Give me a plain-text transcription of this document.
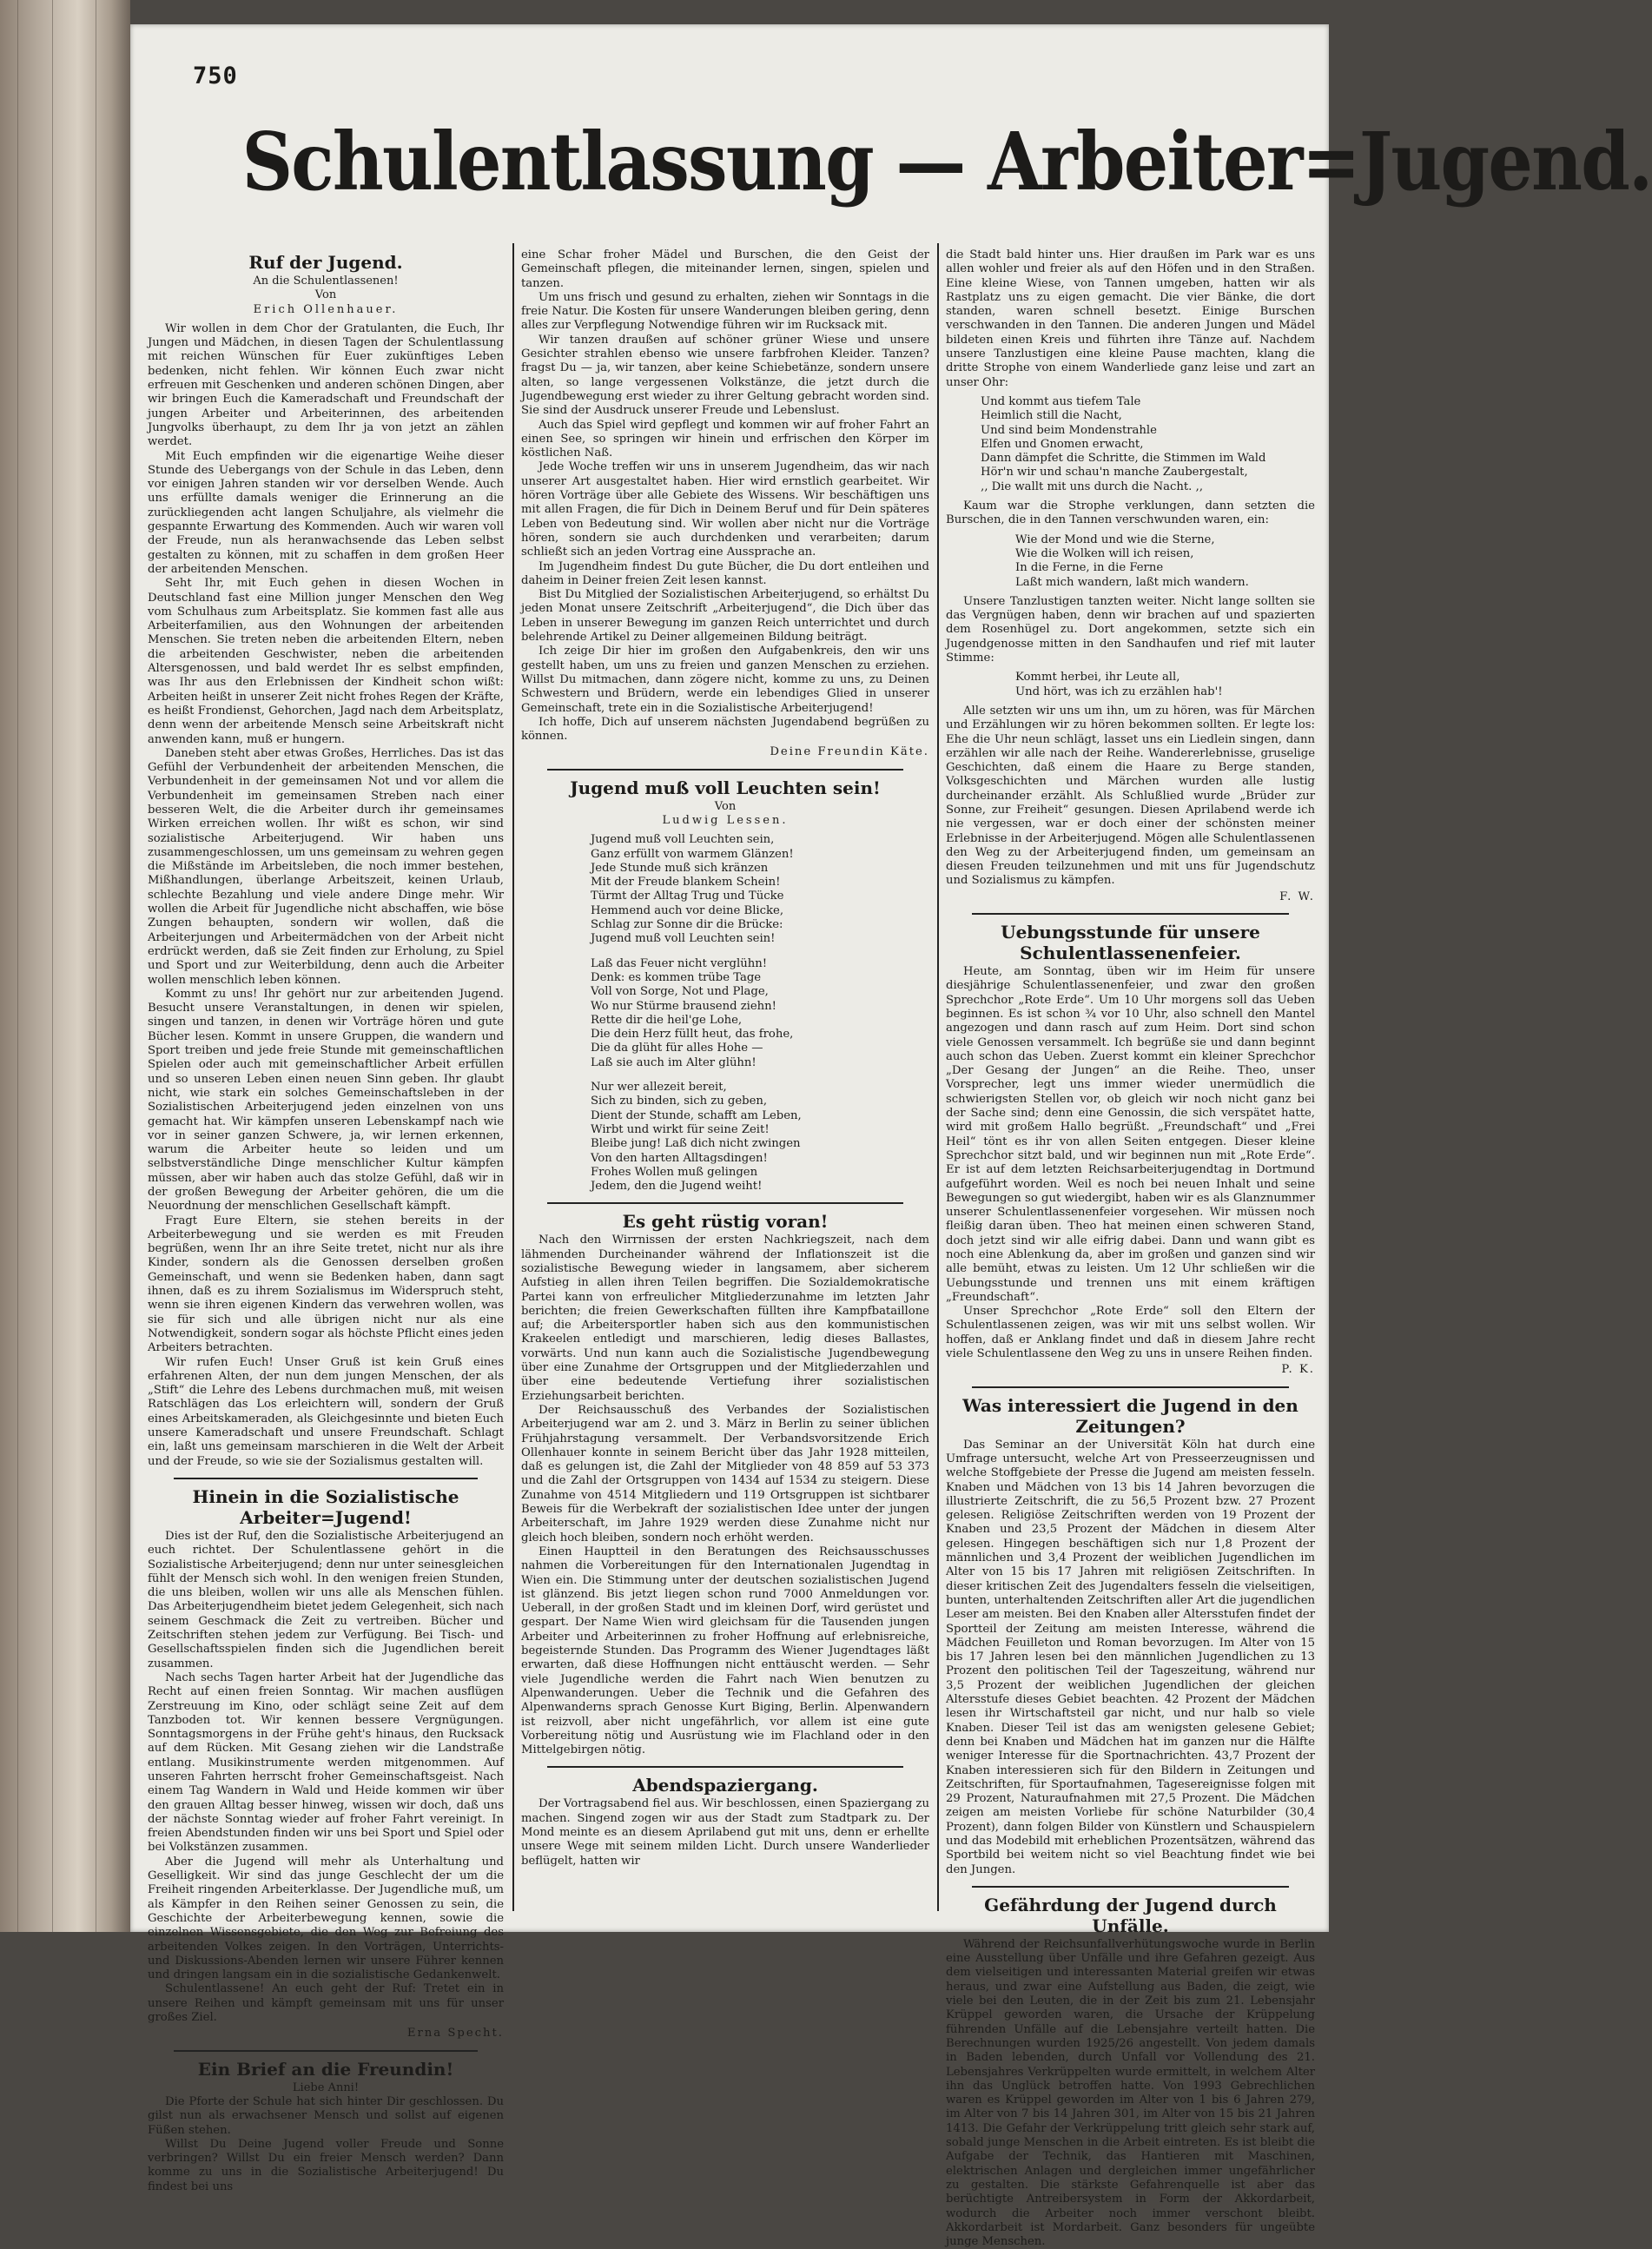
750
Schulentlassung — Arbeiter=Jugend.
Ruf der Jugend.
An die Schulentlassenen!
Von
Erich Ollenhauer.

Wir wollen in dem Chor der Gratulanten, die Euch, Ihr Jungen und Mädchen, in diesen Tagen der Schulentlassung mit reichen Wünschen für Euer zukünftiges Leben bedenken, nicht fehlen. Wir können Euch zwar nicht erfreuen mit Geschenken und anderen schönen Dingen, aber wir bringen Euch die Kameradschaft und Freundschaft der jungen Arbeiter und Arbeiterinnen, des arbeitenden Jungvolks überhaupt, zu dem Ihr ja von jetzt an zählen werdet.

Mit Euch empfinden wir die eigenartige Weihe dieser Stunde des Uebergangs von der Schule in das Leben, denn vor einigen Jahren standen wir vor derselben Wende. Auch uns erfüllte damals weniger die Erinnerung an die zurückliegenden acht langen Schuljahre, als vielmehr die gespannte Erwartung des Kommenden. Auch wir waren voll der Freude, nun als heranwachsende das Leben selbst gestalten zu können, mit zu schaffen in dem großen Heer der arbeitenden Menschen.

Seht Ihr, mit Euch gehen in diesen Wochen in Deutschland fast eine Million junger Menschen den Weg vom Schulhaus zum Arbeitsplatz. Sie kommen fast alle aus Arbeiterfamilien, aus den Wohnungen der arbeitenden Menschen. Sie treten neben die arbeitenden Eltern, neben die arbeitenden Geschwister, neben die arbeitenden Altersgenossen, und bald werdet Ihr es selbst empfinden, was Ihr aus den Erlebnissen der Kindheit schon wißt: Arbeiten heißt in unserer Zeit nicht frohes Regen der Kräfte, es heißt Frondienst, Gehorchen, Jagd nach dem Arbeitsplatz, denn wenn der arbeitende Mensch seine Arbeitskraft nicht anwenden kann, muß er hungern.

Daneben steht aber etwas Großes, Herrliches. Das ist das Gefühl der Verbundenheit der arbeitenden Menschen, die Verbundenheit in der gemeinsamen Not und vor allem die Verbundenheit im gemeinsamen Streben nach einer besseren Welt, die die Arbeiter durch ihr gemeinsames Wirken erreichen wollen. Ihr wißt es schon, wir sind sozialistische Arbeiterjugend. Wir haben uns zusammengeschlossen, um uns gemeinsam zu wehren gegen die Mißstände im Arbeitsleben, die noch immer bestehen, Mißhandlungen, überlange Arbeitszeit, keinen Urlaub, schlechte Bezahlung und viele andere Dinge mehr. Wir wollen die Arbeit für Jugendliche nicht abschaffen, wie böse Zungen behaupten, sondern wir wollen, daß die Arbeiterjungen und Arbeitermädchen von der Arbeit nicht erdrückt werden, daß sie Zeit finden zur Erholung, zu Spiel und Sport und zur Weiterbildung, denn auch die Arbeiter wollen menschlich leben können.

Kommt zu uns! Ihr gehört nur zur arbeitenden Jugend. Besucht unsere Veranstaltungen, in denen wir spielen, singen und tanzen, in denen wir Vorträge hören und gute Bücher lesen. Kommt in unsere Gruppen, die wandern und Sport treiben und jede freie Stunde mit gemeinschaftlichen Spielen oder auch mit gemeinschaftlicher Arbeit erfüllen und so unseren Leben einen neuen Sinn geben. Ihr glaubt nicht, wie stark ein solches Gemeinschaftsleben in der Sozialistischen Arbeiterjugend jeden einzelnen von uns gemacht hat. Wir kämpfen unseren Lebenskampf nach wie vor in seiner ganzen Schwere, ja, wir lernen erkennen, warum die Arbeiter heute so leiden und um selbstverständliche Dinge menschlicher Kultur kämpfen müssen, aber wir haben auch das stolze Gefühl, daß wir in der großen Bewegung der Arbeiter gehören, die um die Neuordnung der menschlichen Gesellschaft kämpft.

Fragt Eure Eltern, sie stehen bereits in der Arbeiterbewegung und sie werden es mit Freuden begrüßen, wenn Ihr an ihre Seite tretet, nicht nur als ihre Kinder, sondern als die Genossen derselben großen Gemeinschaft, und wenn sie Bedenken haben, dann sagt ihnen, daß es zu ihrem Sozialismus im Widerspruch steht, wenn sie ihren eigenen Kindern das verwehren wollen, was sie für sich und alle übrigen nicht nur als eine Notwendigkeit, sondern sogar als höchste Pflicht eines jeden Arbeiters betrachten.

Wir rufen Euch! Unser Gruß ist kein Gruß eines erfahrenen Alten, der nun dem jungen Menschen, der als „Stift“ die Lehre des Lebens durchmachen muß, mit weisen Ratschlägen das Los erleichtern will, sondern der Gruß eines Arbeitskameraden, als Gleichgesinnte und bieten Euch unsere Kameradschaft und unsere Freundschaft. Schlagt ein, laßt uns gemeinsam marschieren in die Welt der Arbeit und der Freude, so wie sie der Sozialismus gestalten will.

Hinein in die Sozialistische Arbeiter=Jugend!

Dies ist der Ruf, den die Sozialistische Arbeiterjugend an euch richtet. Der Schulentlassene gehört in die Sozialistische Arbeiterjugend; denn nur unter seinesgleichen fühlt der Mensch sich wohl. In den wenigen freien Stunden, die uns bleiben, wollen wir uns alle als Menschen fühlen. Das Arbeiterjugendheim bietet jedem Gelegenheit, sich nach seinem Geschmack die Zeit zu vertreiben. Bücher und Zeitschriften stehen jedem zur Verfügung. Bei Tisch- und Gesellschaftsspielen finden sich die Jugendlichen bereit zusammen.

Nach sechs Tagen harter Arbeit hat der Jugendliche das Recht auf einen freien Sonntag. Wir machen ausflügen Zerstreuung im Kino, oder schlägt seine Zeit auf dem Tanzboden tot. Wir kennen bessere Vergnügungen. Sonntagsmorgens in der Frühe geht's hinaus, den Rucksack auf dem Rücken. Mit Gesang ziehen wir die Landstraße entlang. Musikinstrumente werden mitgenommen. Auf unseren Fahrten herrscht froher Gemeinschaftsgeist. Nach einem Tag Wandern in Wald und Heide kommen wir über den grauen Alltag besser hinweg, wissen wir doch, daß uns der nächste Sonntag wieder auf froher Fahrt vereinigt. In freien Abendstunden finden wir uns bei Sport und Spiel oder bei Volkstänzen zusammen.

Aber die Jugend will mehr als Unterhaltung und Geselligkeit. Wir sind das junge Geschlecht der um die Freiheit ringenden Arbeiterklasse. Der Jugendliche muß, um als Kämpfer in den Reihen seiner Genossen zu sein, die Geschichte der Arbeiterbewegung kennen, sowie die einzelnen Wissensgebiete, die den Weg zur Befreiung des arbeitenden Volkes zeigen. In den Vorträgen, Unterrichts- und Diskussions-Abenden lernen wir unsere Führer kennen und dringen langsam ein in die sozialistische Gedankenwelt.

Schulentlassene! An euch geht der Ruf: Tretet ein in unsere Reihen und kämpft gemeinsam mit uns für unser großes Ziel.

Erna Specht.
Ein Brief an die Freundin!
Liebe Anni!

Die Pforte der Schule hat sich hinter Dir geschlossen. Du gilst nun als erwachsener Mensch und sollst auf eigenen Füßen stehen.

Willst Du Deine Jugend voller Freude und Sonne verbringen? Willst Du ein freier Mensch werden? Dann komme zu uns in die Sozialistische Arbeiterjugend! Du findest bei uns

eine Schar froher Mädel und Burschen, die den Geist der Gemeinschaft pflegen, die miteinander lernen, singen, spielen und tanzen.

Um uns frisch und gesund zu erhalten, ziehen wir Sonntags in die freie Natur. Die Kosten für unsere Wanderungen bleiben gering, denn alles zur Verpflegung Notwendige führen wir im Rucksack mit.

Wir tanzen draußen auf schöner grüner Wiese und unsere Gesichter strahlen ebenso wie unsere farbfrohen Kleider. Tanzen? fragst Du — ja, wir tanzen, aber keine Schiebetänze, sondern unsere alten, so lange vergessenen Volkstänze, die jetzt durch die Jugendbewegung erst wieder zu ihrer Geltung gebracht worden sind. Sie sind der Ausdruck unserer Freude und Lebenslust.

Auch das Spiel wird gepflegt und kommen wir auf froher Fahrt an einen See, so springen wir hinein und erfrischen den Körper im köstlichen Naß.

Jede Woche treffen wir uns in unserem Jugendheim, das wir nach unserer Art ausgestaltet haben. Hier wird ernstlich gearbeitet. Wir hören Vorträge über alle Gebiete des Wissens. Wir beschäftigen uns mit allen Fragen, die für Dich in Deinem Beruf und für Dein späteres Leben von Bedeutung sind. Wir wollen aber nicht nur die Vorträge hören, sondern sie auch durchdenken und verarbeiten; darum schließt sich an jeden Vortrag eine Aussprache an.

Im Jugendheim findest Du gute Bücher, die Du dort entleihen und daheim in Deiner freien Zeit lesen kannst.

Bist Du Mitglied der Sozialistischen Arbeiterjugend, so erhältst Du jeden Monat unsere Zeitschrift „Arbeiterjugend“, die Dich über das Leben in unserer Bewegung im ganzen Reich unterrichtet und durch belehrende Artikel zu Deiner allgemeinen Bildung beiträgt.

Ich zeige Dir hier im großen den Aufgabenkreis, den wir uns gestellt haben, um uns zu freien und ganzen Menschen zu erziehen. Willst Du mitmachen, dann zögere nicht, komme zu uns, zu Deinen Schwestern und Brüdern, werde ein lebendiges Glied in unserer Gemeinschaft, trete ein in die Sozialistische Arbeiterjugend!

Ich hoffe, Dich auf unserem nächsten Jugendabend begrüßen zu können.

Deine Freundin Käte.
Jugend muß voll Leuchten sein!
Von
Ludwig Lessen.
Jugend muß voll Leuchten sein,
Ganz erfüllt von warmem Glänzen!
Jede Stunde muß sich kränzen
Mit der Freude blankem Schein!
Türmt der Alltag Trug und Tücke
Hemmend auch vor deine Blicke,
Schlag zur Sonne dir die Brücke:
Jugend muß voll Leuchten sein!
Laß das Feuer nicht verglühn!
Denk: es kommen trübe Tage
Voll von Sorge, Not und Plage,
Wo nur Stürme brausend ziehn!
Rette dir die heil'ge Lohe,
Die dein Herz füllt heut, das frohe,
Die da glüht für alles Hohe —
Laß sie auch im Alter glühn!
Nur wer allezeit bereit,
Sich zu binden, sich zu geben,
Dient der Stunde, schafft am Leben,
Wirbt und wirkt für seine Zeit!
Bleibe jung! Laß dich nicht zwingen
Von den harten Alltagsdingen!
Frohes Wollen muß gelingen
Jedem, den die Jugend weiht!
Es geht rüstig voran!

Nach den Wirrnissen der ersten Nachkriegszeit, nach dem lähmenden Durcheinander während der Inflationszeit ist die sozialistische Bewegung wieder in langsamem, aber sicherem Aufstieg in allen ihren Teilen begriffen. Die Sozialdemokratische Partei kann von erfreulicher Mitgliederzunahme im letzten Jahr berichten; die freien Gewerkschaften füllten ihre Kampfbataillone auf; die Arbeitersportler haben sich aus den kommunistischen Krakeelen entledigt und marschieren, ledig dieses Ballastes, vorwärts. Und nun kann auch die Sozialistische Jugendbewegung über eine Zunahme der Ortsgruppen und der Mitgliederzahlen und über eine bedeutende Vertiefung ihrer sozialistischen Erziehungsarbeit berichten.

Der Reichsausschuß des Verbandes der Sozialistischen Arbeiterjugend war am 2. und 3. März in Berlin zu seiner üblichen Frühjahrstagung versammelt. Der Verbandsvorsitzende Erich Ollenhauer konnte in seinem Bericht über das Jahr 1928 mitteilen, daß es gelungen ist, die Zahl der Mitglieder von 48 859 auf 53 373 und die Zahl der Ortsgruppen von 1434 auf 1534 zu steigern. Diese Zunahme von 4514 Mitgliedern und 119 Ortsgruppen ist sichtbarer Beweis für die Werbekraft der sozialistischen Idee unter der jungen Arbeiterschaft, im Jahre 1929 werden diese Zunahme nicht nur gleich hoch bleiben, sondern noch erhöht werden.

Einen Hauptteil in den Beratungen des Reichsausschusses nahmen die Vorbereitungen für den Internationalen Jugendtag in Wien ein. Die Stimmung unter der deutschen sozialistischen Jugend ist glänzend. Bis jetzt liegen schon rund 7000 Anmeldungen vor. Ueberall, in der großen Stadt und im kleinen Dorf, wird gerüstet und gespart. Der Name Wien wird gleichsam für die Tausenden jungen Arbeiter und Arbeiterinnen zu froher Hoffnung auf erlebnisreiche, begeisternde Stunden. Das Programm des Wiener Jugendtages läßt erwarten, daß diese Hoffnungen nicht enttäuscht werden. — Sehr viele Jugendliche werden die Fahrt nach Wien benutzen zu Alpenwanderungen. Ueber die Technik und die Gefahren des Alpenwanderns sprach Genosse Kurt Biging, Berlin. Alpenwandern ist reizvoll, aber nicht ungefährlich, vor allem ist eine gute Vorbereitung nötig und Ausrüstung wie im Flachland oder in den Mittelgebirgen nötig.

Abendspaziergang.

Der Vortragsabend fiel aus. Wir beschlossen, einen Spaziergang zu machen. Singend zogen wir aus der Stadt zum Stadtpark zu. Der Mond meinte es an diesem Aprilabend gut mit uns, denn er erhellte unsere Wege mit seinem milden Licht. Durch unsere Wanderlieder beflügelt, hatten wir

die Stadt bald hinter uns. Hier draußen im Park war es uns allen wohler und freier als auf den Höfen und in den Straßen. Eine kleine Wiese, von Tannen umgeben, hatten wir als Rastplatz uns zu eigen gemacht. Die vier Bänke, die dort standen, waren schnell besetzt. Einige Burschen verschwanden in den Tannen. Die anderen Jungen und Mädel bildeten einen Kreis und führten ihre Tänze auf. Nachdem unsere Tanzlustigen eine kleine Pause machten, klang die dritte Strophe von einem Wanderliede ganz leise und zart an unser Ohr:

Und kommt aus tiefem Tale
Heimlich still die Nacht,
Und sind beim Mondenstrahle
Elfen und Gnomen erwacht,
Dann dämpfet die Schritte, die Stimmen im Wald
Hör'n wir und schau'n manche Zaubergestalt,
‚‚ Die wallt mit uns durch die Nacht. ‚‚

Kaum war die Strophe verklungen, dann setzten die Burschen, die in den Tannen verschwunden waren, ein:

Wie der Mond und wie die Sterne,
Wie die Wolken will ich reisen,
In die Ferne, in die Ferne
Laßt mich wandern, laßt mich wandern.

Unsere Tanzlustigen tanzten weiter. Nicht lange sollten sie das Vergnügen haben, denn wir brachen auf und spazierten dem Rosenhügel zu. Dort angekommen, setzte sich ein Jugendgenosse mitten in den Sandhaufen und rief mit lauter Stimme:

Kommt herbei, ihr Leute all,
Und hört, was ich zu erzählen hab'!

Alle setzten wir uns um ihn, um zu hören, was für Märchen und Erzählungen wir zu hören bekommen sollten. Er legte los: Ehe die Uhr neun schlägt, lasset uns ein Liedlein singen, dann erzählen wir alle nach der Reihe. Wandererlebnisse, gruselige Geschichten, daß einem die Haare zu Berge standen, Volksgeschichten und Märchen wurden alle lustig durcheinander erzählt. Als Schlußlied wurde „Brüder zur Sonne, zur Freiheit“ gesungen. Diesen Aprilabend werde ich nie vergessen, war er doch einer der schönsten meiner Erlebnisse in der Arbeiterjugend. Mögen alle Schulentlassenen den Weg zu der Arbeiterjugend finden, um gemeinsam an diesen Freuden teilzunehmen und mit uns für Jugendschutz und Sozialismus zu kämpfen.

F. W.
Uebungsstunde für unsere Schulentlassenenfeier.

Heute, am Sonntag, üben wir im Heim für unsere diesjährige Schulentlassenenfeier, und zwar den großen Sprechchor „Rote Erde“. Um 10 Uhr morgens soll das Ueben beginnen. Es ist schon ¾ vor 10 Uhr, also schnell den Mantel angezogen und dann rasch auf zum Heim. Dort sind schon viele Genossen versammelt. Ich begrüße sie und dann beginnt auch schon das Ueben. Zuerst kommt ein kleiner Sprechchor „Der Gesang der Jungen“ an die Reihe. Theo, unser Vorsprecher, legt uns immer wieder unermüdlich die schwierigsten Stellen vor, ob gleich wir noch nicht ganz bei der Sache sind; denn eine Genossin, die sich verspätet hatte, wird mit großem Hallo begrüßt. „Freundschaft“ und „Frei Heil“ tönt es ihr von allen Seiten entgegen. Dieser kleine Sprechchor sitzt bald, und wir beginnen nun mit „Rote Erde“. Er ist auf dem letzten Reichsarbeiterjugendtag in Dortmund aufgeführt worden. Weil es noch bei neuen Inhalt und seine Bewegungen so gut wiedergibt, haben wir es als Glanznummer unserer Schulentlassenenfeier vorgesehen. Wir müssen noch fleißig daran üben. Theo hat meinen einen schweren Stand, doch jetzt sind wir alle eifrig dabei. Dann und wann gibt es noch eine Ablenkung da, aber im großen und ganzen sind wir alle bemüht, etwas zu leisten. Um 12 Uhr schließen wir die Uebungsstunde und trennen uns mit einem kräftigen „Freundschaft“.

Unser Sprechchor „Rote Erde“ soll den Eltern der Schulentlassenen zeigen, was wir mit uns selbst wollen. Wir hoffen, daß er Anklang findet und daß in diesem Jahre recht viele Schulentlassene den Weg zu uns in unsere Reihen finden.

P. K.
Was interessiert die Jugend in den Zeitungen?

Das Seminar an der Universität Köln hat durch eine Umfrage untersucht, welche Art von Presseerzeugnissen und welche Stoffgebiete der Presse die Jugend am meisten fesseln. Knaben und Mädchen von 13 bis 14 Jahren bevorzugen die illustrierte Zeitschrift, die zu 56,5 Prozent bzw. 27 Prozent gelesen. Religiöse Zeitschriften werden von 19 Prozent der Knaben und 23,5 Prozent der Mädchen in diesem Alter gelesen. Hingegen beschäftigen sich nur 1,8 Prozent der männlichen und 3,4 Prozent der weiblichen Jugendlichen im Alter von 15 bis 17 Jahren mit religiösen Zeitschriften. In dieser kritischen Zeit des Jugendalters fesseln die vielseitigen, bunten, unterhaltenden Zeitschriften aller Art die jugendlichen Leser am meisten. Bei den Knaben aller Altersstufen findet der Sportteil der Zeitung am meisten Interesse, während die Mädchen Feuilleton und Roman bevorzugen. Im Alter von 15 bis 17 Jahren lesen bei den männlichen Jugendlichen zu 13 Prozent den politischen Teil der Tageszeitung, während nur 3,5 Prozent der weiblichen Jugendlichen der gleichen Altersstufe dieses Gebiet beachten. 42 Prozent der Mädchen lesen ihr Wirtschaftsteil gar nicht, und nur halb so viele Knaben. Dieser Teil ist das am wenigsten gelesene Gebiet; denn bei Knaben und Mädchen hat im ganzen nur die Hälfte weniger Interesse für die Sportnachrichten. 43,7 Prozent der Knaben interessieren sich für den Bildern in Zeitungen und Zeitschriften, für Sportaufnahmen, Tagesereignisse folgen mit 29 Prozent, Naturaufnahmen mit 27,5 Prozent. Die Mädchen zeigen am meisten Vorliebe für schöne Naturbilder (30,4 Prozent), dann folgen Bilder von Künstlern und Schauspielern und das Modebild mit erheblichen Prozentsätzen, während das Sportbild bei weitem nicht so viel Beachtung findet wie bei den Jungen.

Gefährdung der Jugend durch Unfälle.

Während der Reichsunfallverhütungswoche wurde in Berlin eine Ausstellung über Unfälle und ihre Gefahren gezeigt. Aus dem vielseitigen und interessanten Material greifen wir etwas heraus, und zwar eine Aufstellung aus Baden, die zeigt, wie viele bei den Leuten, die in der Zeit bis zum 21. Lebensjahr Krüppel geworden waren, die Ursache der Krüppelung führenden Unfälle auf die Lebensjahre verteilt hatten. Die Berechnungen wurden 1925/26 angestellt. Von jedem damals in Baden lebenden, durch Unfall vor Vollendung des 21. Lebensjahres Verkrüppelten wurde ermittelt, in welchem Alter ihn das Unglück betroffen hatte. Von 1993 Gebrechlichen waren es Krüppel geworden im Alter von 1 bis 6 Jahren 279, im Alter von 7 bis 14 Jahren 301, im Alter von 15 bis 21 Jahren 1413. Die Gefahr der Verkrüppelung tritt gleich sehr stark auf, sobald junge Menschen in die Arbeit eintreten. Es ist bleibt die Aufgabe der Technik, das Hantieren mit Maschinen, elektrischen Anlagen und dergleichen immer ungefährlicher zu gestalten. Die stärkste Gefahrenquelle ist aber das berüchtigte Antreibersystem in Form der Akkordarbeit, wodurch die Arbeiter noch immer verschont bleibt. Akkordarbeit ist Mordarbeit. Ganz besonders für ungeübte junge Menschen.
